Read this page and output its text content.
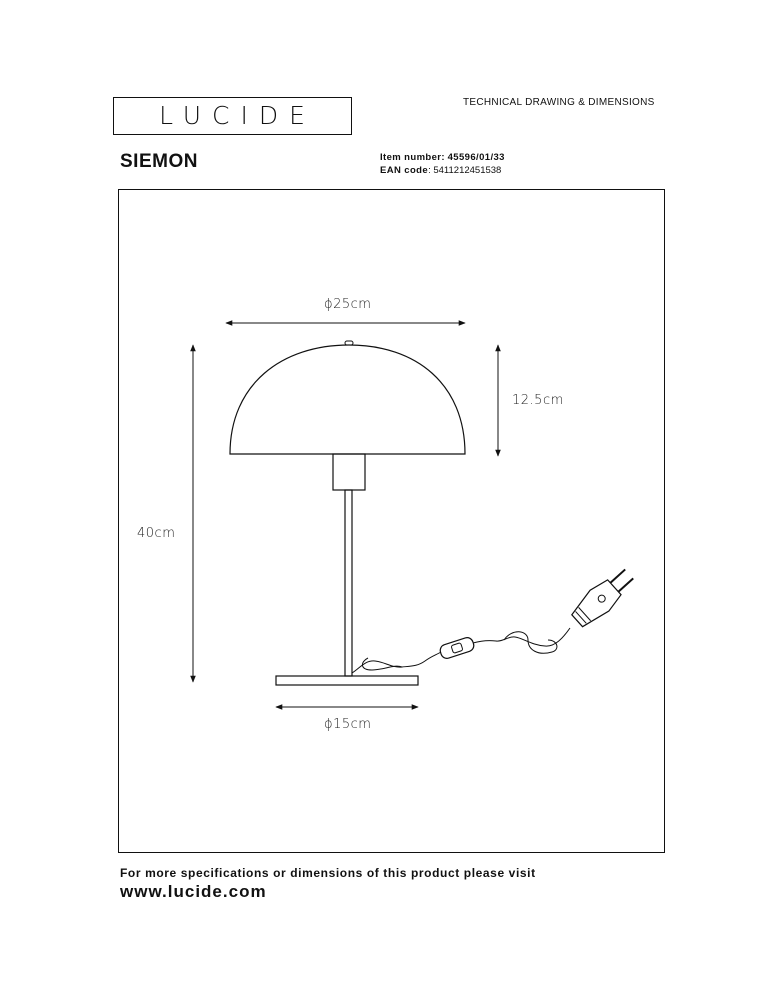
LUCIDE	TECHNICAL DRAWING & DIMENSIONS
SIEMON	Item number: 45596/01/33
EAN code: 5411212451538
ϕ25cm
12.5cm
40cm
ϕ15cm
For more specifications or dimensions of this product please visit
www.lucide.com
